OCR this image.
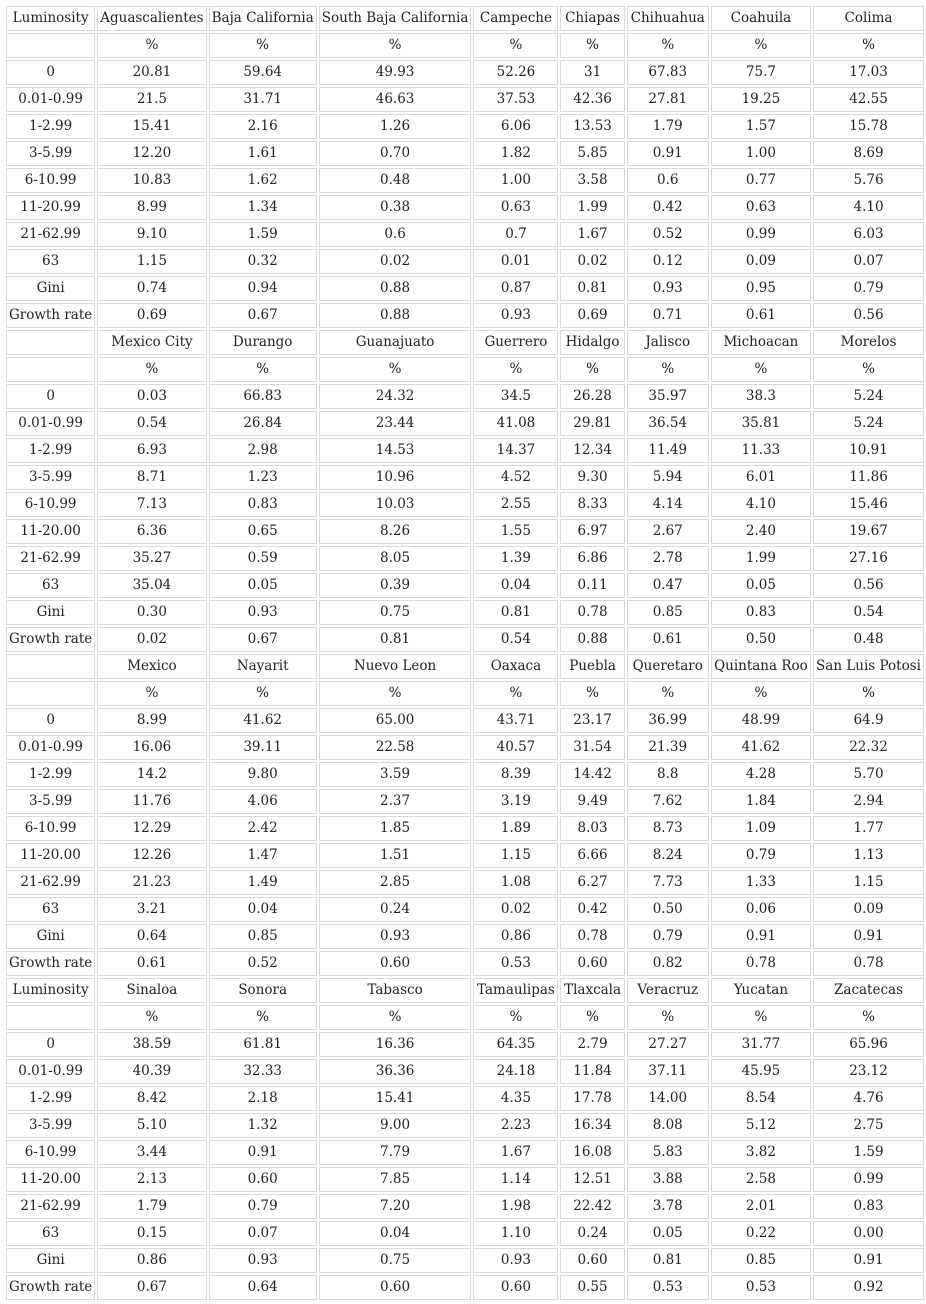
Luminosity	Aguascalientes	Baja California	South Baja California	Campeche	Chiapas	Chihuahua	Coahuila	Colima
	%	%	%	%	%	%	%	%
0	20.81	59.64	49.93	52.26	31	67.83	75.7	17.03
0.01-0.99	21.5	31.71	46.63	37.53	42.36	27.81	19.25	42.55
1-2.99	15.41	2.16	1.26	6.06	13.53	1.79	1.57	15.78
3-5.99	12.20	1.61	0.70	1.82	5.85	0.91	1.00	8.69
6-10.99	10.83	1.62	0.48	1.00	3.58	0.6	0.77	5.76
11-20.99	8.99	1.34	0.38	0.63	1.99	0.42	0.63	4.10
21-62.99	9.10	1.59	0.6	0.7	1.67	0.52	0.99	6.03
63	1.15	0.32	0.02	0.01	0.02	0.12	0.09	0.07
Gini	0.74	0.94	0.88	0.87	0.81	0.93	0.95	0.79
Growth rate	0.69	0.67	0.88	0.93	0.69	0.71	0.61	0.56
	Mexico City	Durango	Guanajuato	Guerrero	Hidalgo	Jalisco	Michoacan	Morelos
	%	%	%	%	%	%	%	%
0	0.03	66.83	24.32	34.5	26.28	35.97	38.3	5.24
0.01-0.99	0.54	26.84	23.44	41.08	29.81	36.54	35.81	5.24
1-2.99	6.93	2.98	14.53	14.37	12.34	11.49	11.33	10.91
3-5.99	8.71	1.23	10.96	4.52	9.30	5.94	6.01	11.86
6-10.99	7.13	0.83	10.03	2.55	8.33	4.14	4.10	15.46
11-20.00	6.36	0.65	8.26	1.55	6.97	2.67	2.40	19.67
21-62.99	35.27	0.59	8.05	1.39	6.86	2.78	1.99	27.16
63	35.04	0.05	0.39	0.04	0.11	0.47	0.05	0.56
Gini	0.30	0.93	0.75	0.81	0.78	0.85	0.83	0.54
Growth rate	0.02	0.67	0.81	0.54	0.88	0.61	0.50	0.48
	Mexico	Nayarit	Nuevo Leon	Oaxaca	Puebla	Queretaro	Quintana Roo	San Luis Potosi
	%	%	%	%	%	%	%	%
0	8.99	41.62	65.00	43.71	23.17	36.99	48.99	64.9
0.01-0.99	16.06	39.11	22.58	40.57	31.54	21.39	41.62	22.32
1-2.99	14.2	9.80	3.59	8.39	14.42	8.8	4.28	5.70
3-5.99	11.76	4.06	2.37	3.19	9.49	7.62	1.84	2.94
6-10.99	12.29	2.42	1.85	1.89	8.03	8.73	1.09	1.77
11-20.00	12.26	1.47	1.51	1.15	6.66	8.24	0.79	1.13
21-62.99	21.23	1.49	2.85	1.08	6.27	7.73	1.33	1.15
63	3.21	0.04	0.24	0.02	0.42	0.50	0.06	0.09
Gini	0.64	0.85	0.93	0.86	0.78	0.79	0.91	0.91
Growth rate	0.61	0.52	0.60	0.53	0.60	0.82	0.78	0.78
Luminosity	Sinaloa	Sonora	Tabasco	Tamaulipas	Tlaxcala	Veracruz	Yucatan	Zacatecas
	%	%	%	%	%	%	%	%
0	38.59	61.81	16.36	64.35	2.79	27.27	31.77	65.96
0.01-0.99	40.39	32.33	36.36	24.18	11.84	37.11	45.95	23.12
1-2.99	8.42	2.18	15.41	4.35	17.78	14.00	8.54	4.76
3-5.99	5.10	1.32	9.00	2.23	16.34	8.08	5.12	2.75
6-10.99	3.44	0.91	7.79	1.67	16.08	5.83	3.82	1.59
11-20.00	2.13	0.60	7.85	1.14	12.51	3.88	2.58	0.99
21-62.99	1.79	0.79	7.20	1.98	22.42	3.78	2.01	0.83
63	0.15	0.07	0.04	1.10	0.24	0.05	0.22	0.00
Gini	0.86	0.93	0.75	0.93	0.60	0.81	0.85	0.91
Growth rate	0.67	0.64	0.60	0.60	0.55	0.53	0.53	0.92
